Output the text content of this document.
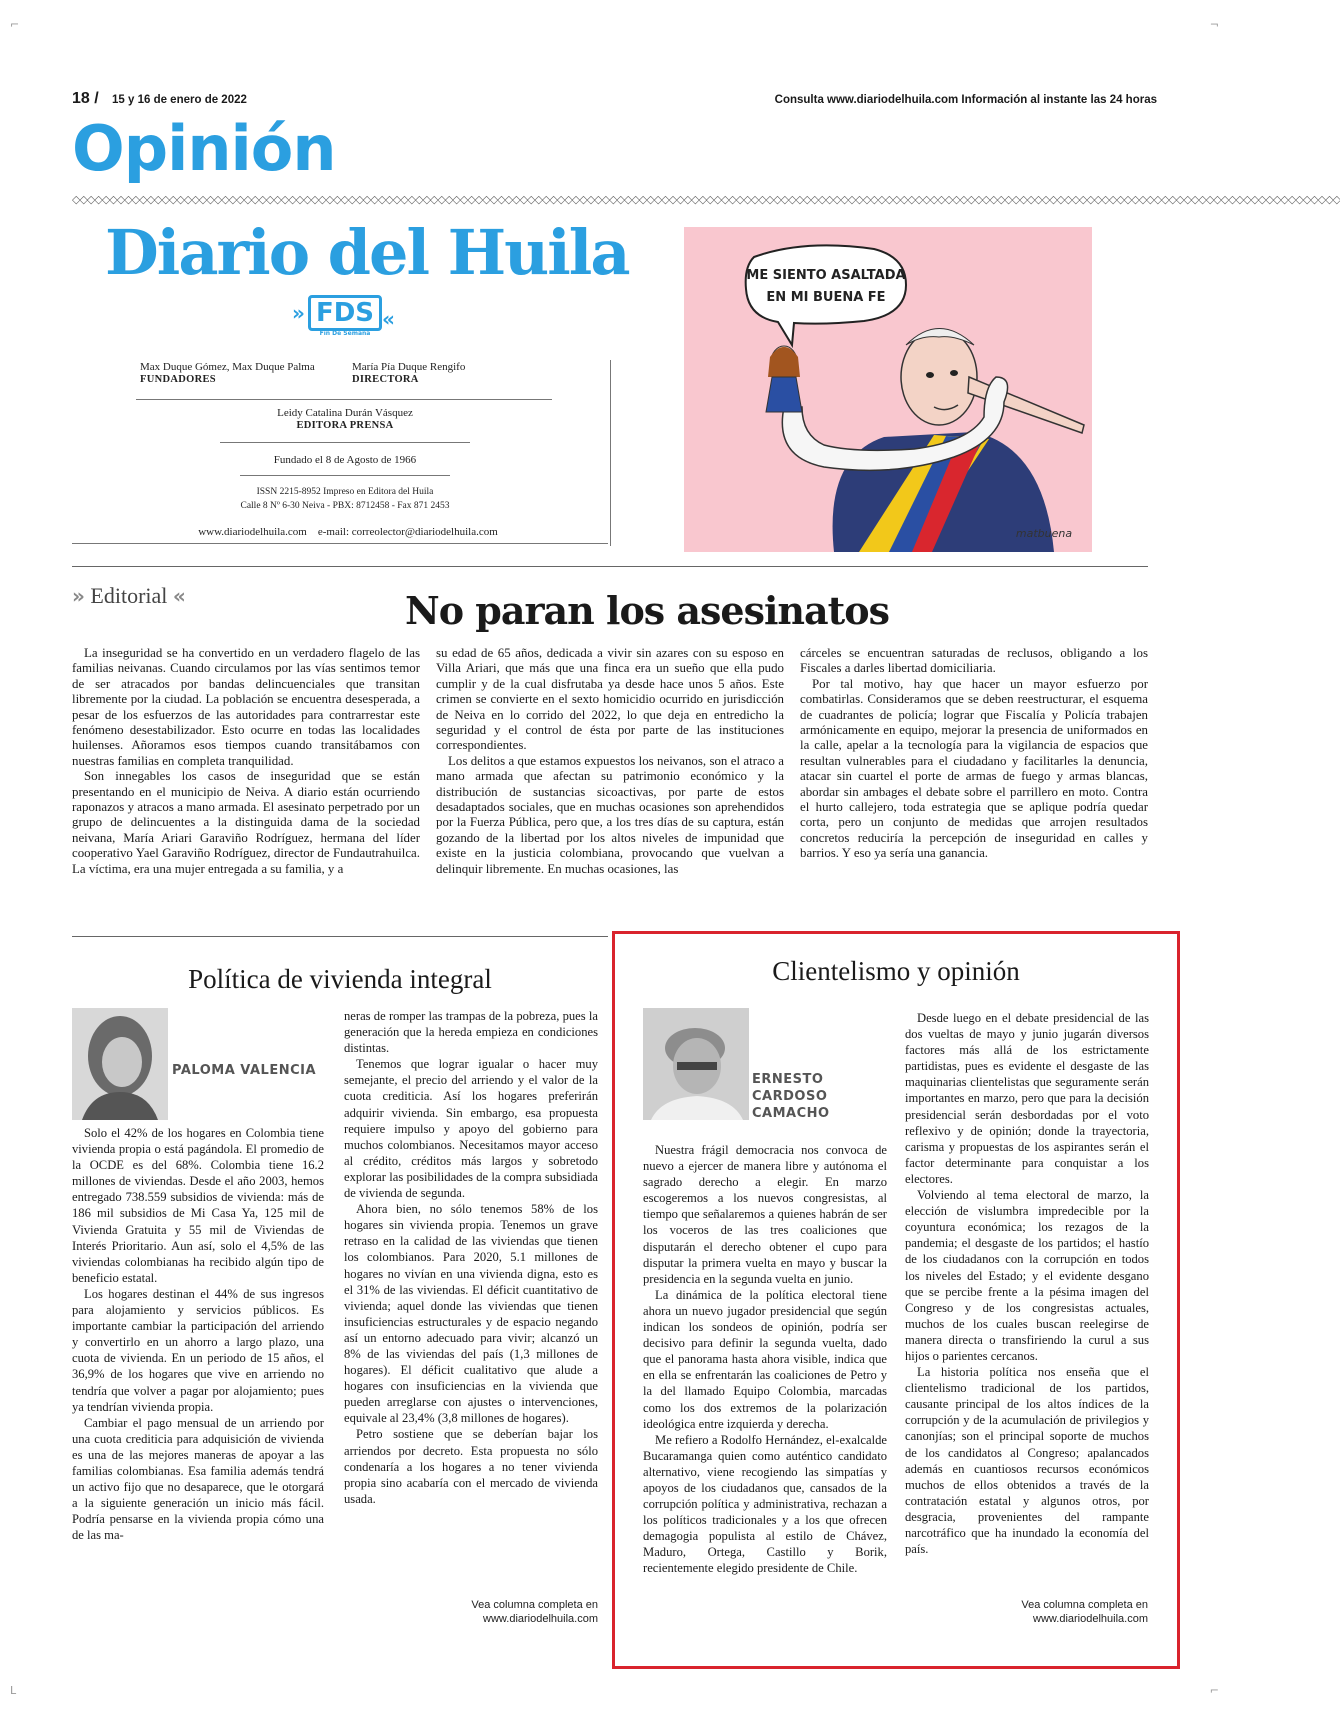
⌐	¬
L	⌐
18 / 15 y 16 de enero de 2022	Consulta www.diariodelhuila.com Información al instante las 24 horas
Opinión
◇◇◇◇◇◇◇◇◇◇◇◇◇◇◇◇◇◇◇◇◇◇◇◇◇◇◇◇◇◇◇◇◇◇◇◇◇◇◇◇◇◇◇◇◇◇◇◇◇◇◇◇◇◇◇◇◇◇◇◇◇◇◇◇◇◇◇◇◇◇◇◇◇◇◇◇◇◇◇◇◇◇◇◇◇◇◇◇◇◇◇◇◇◇◇◇◇◇◇◇◇◇◇◇◇◇◇◇◇◇◇◇◇◇◇◇◇◇◇◇◇◇◇◇◇◇◇◇◇◇◇◇◇◇◇◇◇◇◇◇◇◇◇◇◇◇◇◇◇◇◇◇◇◇◇◇◇◇◇◇◇◇◇◇◇◇◇◇◇◇
Diario del Huila
» FDS
Fin De Semana
«
Max Duque Gómez, Max Duque Palma
FUNDADORES
María Pía Duque Rengifo
DIRECTORA
Leidy Catalina Durán Vásquez
EDITORA PRENSA
Fundado el 8 de Agosto de 1966
ISSN 2215-8952 Impreso en Editora del Huila
Calle 8 Nº 6-30 Neiva - PBX: 8712458 - Fax 871 2453
www.diariodelhuila.com e-mail: correolector@diariodelhuila.com
ME SIENTO ASALTADA
EN MI BUENA FE
matbuena
» Editorial «	No paran los asesinatos

La inseguridad se ha convertido en un verdadero flagelo de las familias neivanas. Cuando circulamos por las vías sentimos temor de ser atracados por bandas delincuenciales que transitan libremente por la ciudad. La población se encuentra desesperada, a pesar de los esfuerzos de las autoridades para contrarrestar este fenómeno desestabilizador. Esto ocurre en todas las localidades huilenses. Añoramos esos tiempos cuando transitábamos con nuestras familias en completa tranquilidad.

Son innegables los casos de inseguridad que se están presentando en el municipio de Neiva. A diario están ocurriendo raponazos y atracos a mano armada. El asesinato perpetrado por un grupo de delincuentes a la distinguida dama de la sociedad neivana, María Ariari Garaviño Rodríguez, hermana del líder cooperativo Yael Garaviño Rodríguez, director de Fundautrahuilca. La víctima, era una mujer entregada a su familia, y a

su edad de 65 años, dedicada a vivir sin azares con su esposo en Villa Ariari, que más que una finca era un sueño que ella pudo cumplir y de la cual disfrutaba ya desde hace unos 5 años. Este crimen se convierte en el sexto homicidio ocurrido en jurisdicción de Neiva en lo corrido del 2022, lo que deja en entredicho la seguridad y el control de ésta por parte de las instituciones correspondientes.

Los delitos a que estamos expuestos los neivanos, son el atraco a mano armada que afectan su patrimonio económico y la distribución de sustancias sicoactivas, por parte de estos desadaptados sociales, que en muchas ocasiones son aprehendidos por la Fuerza Pública, pero que, a los tres días de su captura, están gozando de la libertad por los altos niveles de impunidad que existe en la justicia colombiana, provocando que vuelvan a delinquir libremente. En muchas ocasiones, las

cárceles se encuentran saturadas de reclusos, obligando a los Fiscales a darles libertad domiciliaria.

Por tal motivo, hay que hacer un mayor esfuerzo por combatirlas. Consideramos que se deben reestructurar, el esquema de cuadrantes de policía; lograr que Fiscalía y Policía trabajen armónicamente en equipo, mejorar la presencia de uniformados en la calle, apelar a la tecnología para la vigilancia de espacios que resultan vulnerables para el ciudadano y facilitarles la denuncia, atacar sin cuartel el porte de armas de fuego y armas blancas, abordar sin ambages el debate sobre el parrillero en moto. Contra el hurto callejero, toda estrategia que se aplique podría quedar corta, pero un conjunto de medidas que arrojen resultados concretos reduciría la percepción de inseguridad en calles y barrios. Y eso ya sería una ganancia.

Política de vivienda integral
PALOMA VALENCIA

Solo el 42% de los hogares en Colombia tiene vivienda propia o está pagándola. El promedio de la OCDE es del 68%. Colombia tiene 16.2 millones de viviendas. Desde el año 2003, hemos entregado 738.559 subsidios de vivienda: más de 186 mil subsidios de Mi Casa Ya, 125 mil de Vivienda Gratuita y 55 mil de Viviendas de Interés Prioritario. Aun así, solo el 4,5% de las viviendas colombianas ha recibido algún tipo de beneficio estatal.

Los hogares destinan el 44% de sus ingresos para alojamiento y servicios públicos. Es importante cambiar la participación del arriendo y convertirlo en un ahorro a largo plazo, una cuota de vivienda. En un periodo de 15 años, el 36,9% de los hogares que vive en arriendo no tendría que volver a pagar por alojamiento; pues ya tendrían vivienda propia.

Cambiar el pago mensual de un arriendo por una cuota crediticia para adquisición de vivienda es una de las mejores maneras de apoyar a las familias colombianas. Esa familia además tendrá un activo fijo que no desaparece, que le otorgará a la siguiente generación un inicio más fácil. Podría pensarse en la vivienda propia cómo una de las ma-

neras de romper las trampas de la pobreza, pues la generación que la hereda empieza en condiciones distintas.

Tenemos que lograr igualar o hacer muy semejante, el precio del arriendo y el valor de la cuota crediticia. Así los hogares preferirán adquirir vivienda. Sin embargo, esa propuesta requiere impulso y apoyo del gobierno para muchos colombianos. Necesitamos mayor acceso al crédito, créditos más largos y sobretodo explorar las posibilidades de la compra subsidiada de vivienda de segunda.

Ahora bien, no sólo tenemos 58% de los hogares sin vivienda propia. Tenemos un grave retraso en la calidad de las viviendas que tienen los colombianos. Para 2020, 5.1 millones de hogares no vivían en una vivienda digna, esto es el 31% de las viviendas. El déficit cuantitativo de vivienda; aquel donde las viviendas que tienen insuficiencias estructurales y de espacio negando así un entorno adecuado para vivir; alcanzó un 8% de las viviendas del país (1,3 millones de hogares). El déficit cualitativo que alude a hogares con insuficiencias en la vivienda que pueden arreglarse con ajustes o intervenciones, equivale al 23,4% (3,8 millones de hogares).

Petro sostiene que se deberían bajar los arriendos por decreto. Esta propuesta no sólo condenaría a los hogares a no tener vivienda propia sino acabaría con el mercado de vivienda usada.

Vea columna completa en
www.diariodelhuila.com
Clientelismo y opinión
ERNESTO
CARDOSO
CAMACHO

Nuestra frágil democracia nos convoca de nuevo a ejercer de manera libre y autónoma el sagrado derecho a elegir. En marzo escogeremos a los nuevos congresistas, al tiempo que señalaremos a quienes habrán de ser los voceros de las tres coaliciones que disputarán el derecho obtener el cupo para disputar la primera vuelta en mayo y buscar la presidencia en la segunda vuelta en junio.

La dinámica de la política electoral tiene ahora un nuevo jugador presidencial que según indican los sondeos de opinión, podría ser decisivo para definir la segunda vuelta, dado que el panorama hasta ahora visible, indica que en ella se enfrentarán las coaliciones de Petro y la del llamado Equipo Colombia, marcadas como los dos extremos de la polarización ideológica entre izquierda y derecha.

Me refiero a Rodolfo Hernández, el-exalcalde Bucaramanga quien como auténtico candidato alternativo, viene recogiendo las simpatías y apoyos de los ciudadanos que, cansados de la corrupción política y administrativa, rechazan a los políticos tradicionales y a los que ofrecen demagogia populista al estilo de Chávez, Maduro, Ortega, Castillo y Borik, recientemente elegido presidente de Chile.

Desde luego en el debate presidencial de las dos vueltas de mayo y junio jugarán diversos factores más allá de los estrictamente partidistas, pues es evidente el desgaste de las maquinarias clientelistas que seguramente serán importantes en marzo, pero que para la decisión presidencial serán desbordadas por el voto reflexivo y de opinión; donde la trayectoria, carisma y propuestas de los aspirantes serán el factor determinante para conquistar a los electores.

Volviendo al tema electoral de marzo, la elección de vislumbra impredecible por la coyuntura económica; los rezagos de la pandemia; el desgaste de los partidos; el hastío de los ciudadanos con la corrupción en todos los niveles del Estado; y el evidente desgano que se percibe frente a la pésima imagen del Congreso y de los congresistas actuales, muchos de los cuales buscan reelegirse de manera directa o transfiriendo la curul a sus hijos o parientes cercanos.

La historia política nos enseña que el clientelismo tradicional de los partidos, causante principal de los altos índices de la corrupción y de la acumulación de privilegios y canonjías; son el principal soporte de muchos de los candidatos al Congreso; apalancados además en cuantiosos recursos económicos muchos de ellos obtenidos a través de la contratación estatal y algunos otros, por desgracia, provenientes del rampante narcotráfico que ha inundado la economía del país.

Vea columna completa en
www.diariodelhuila.com
